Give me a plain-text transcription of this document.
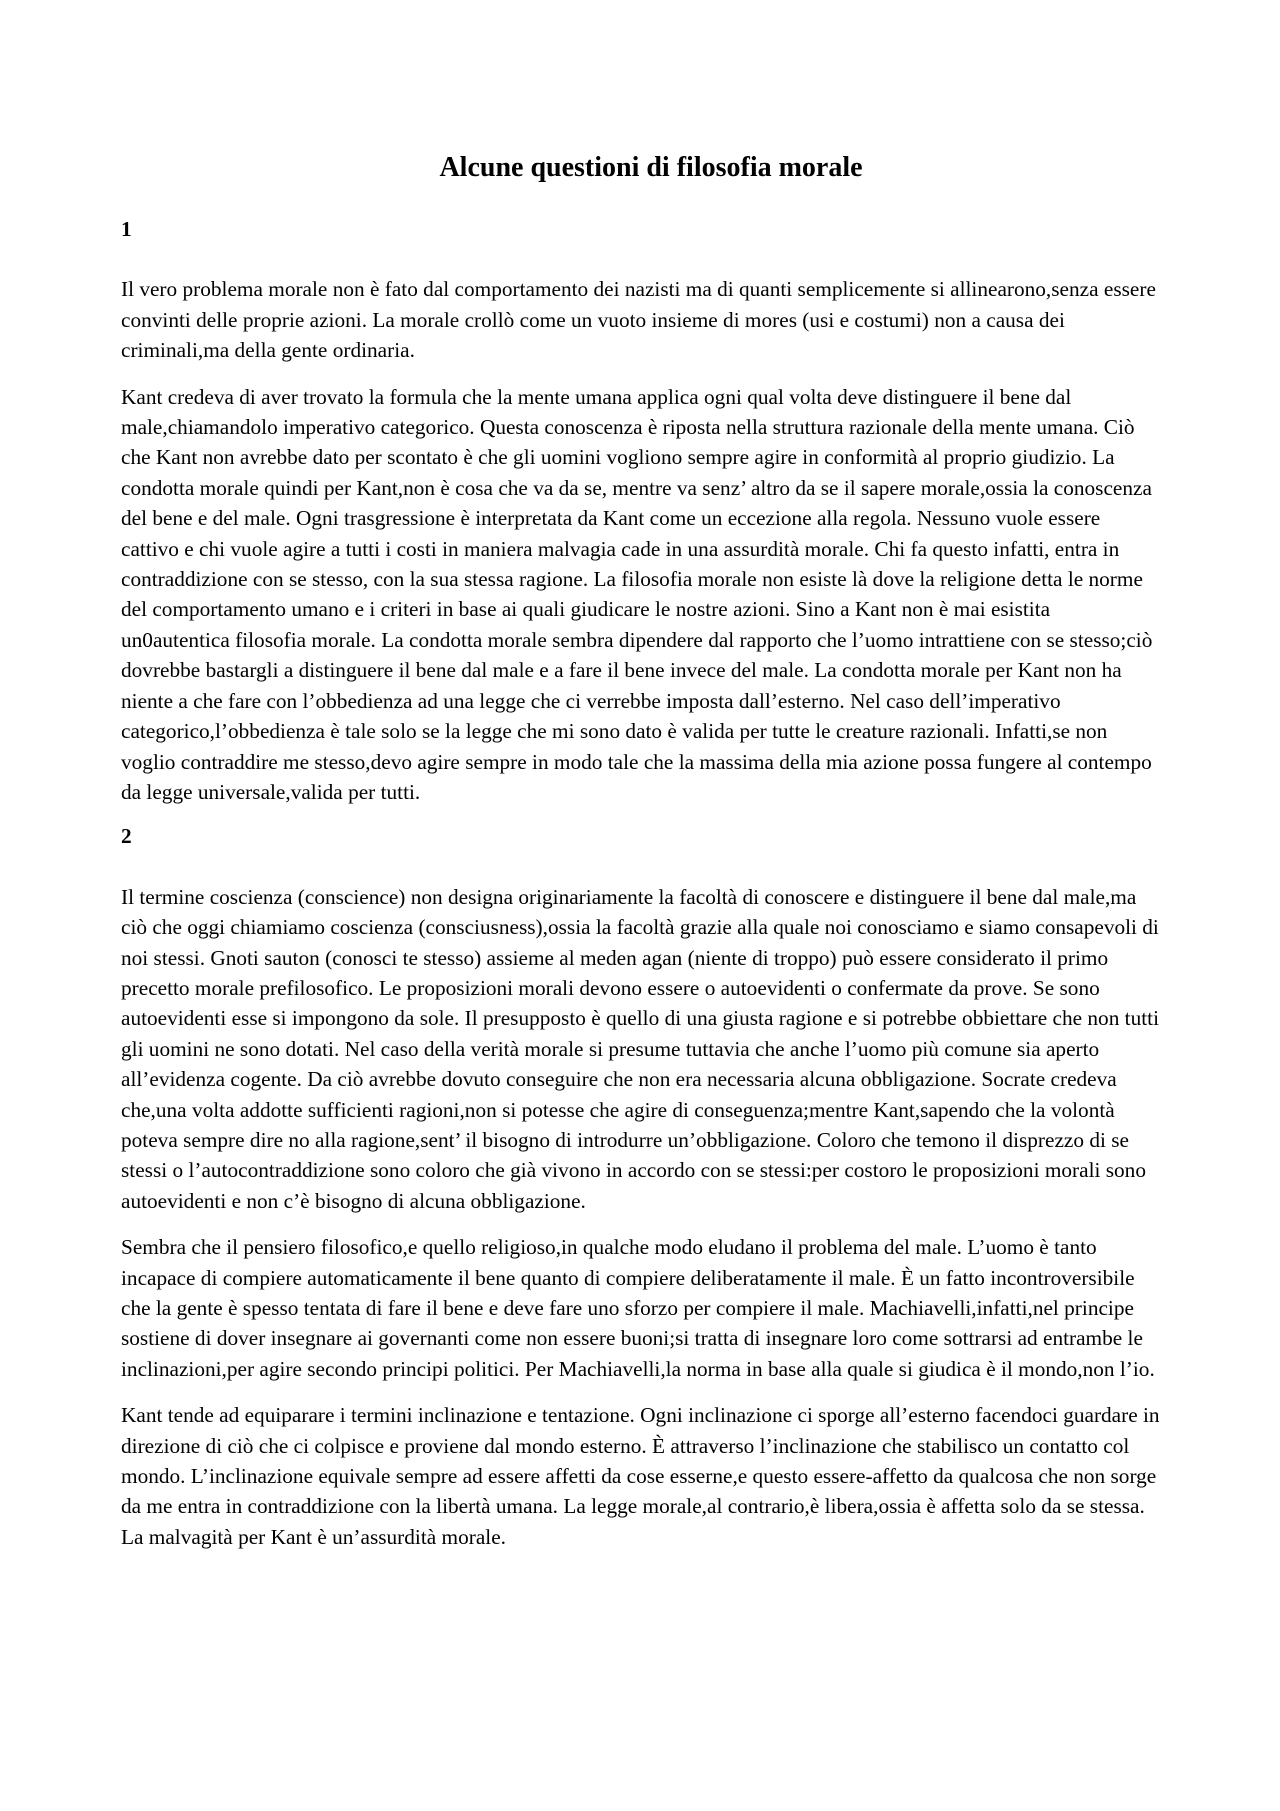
Alcune questioni di filosofia morale
1

Il vero problema morale non è fato dal comportamento dei nazisti ma di quanti semplicemente si allinearono,senza essere convinti delle proprie azioni. La morale crollò come un vuoto insieme di mores (usi e costumi) non a causa dei criminali,ma della gente ordinaria.

Kant credeva di aver trovato la formula che la mente umana applica ogni qual volta deve distinguere il bene dal male,chiamandolo imperativo categorico. Questa conoscenza è riposta nella struttura razionale della mente umana. Ciò che Kant non avrebbe dato per scontato è che gli uomini vogliono sempre agire in conformità al proprio giudizio. La condotta morale quindi per Kant,non è cosa che va da se, mentre va senz’ altro da se il sapere morale,ossia la conoscenza del bene e del male. Ogni trasgressione è interpretata da Kant come un eccezione alla regola. Nessuno vuole essere cattivo e chi vuole agire a tutti i costi in maniera malvagia cade in una assurdità morale. Chi fa questo infatti, entra in contraddizione con se stesso, con la sua stessa ragione. La filosofia morale non esiste là dove la religione detta le norme del comportamento umano e i criteri in base ai quali giudicare le nostre azioni. Sino a Kant non è mai esistita un0autentica filosofia morale. La condotta morale sembra dipendere dal rapporto che l’uomo intrattiene con se stesso;ciò dovrebbe bastargli a distinguere il bene dal male e a fare il bene invece del male. La condotta morale per Kant non ha niente a che fare con l’obbedienza ad una legge che ci verrebbe imposta dall’esterno. Nel caso dell’imperativo categorico,l’obbedienza è tale solo se la legge che mi sono dato è valida per tutte le creature razionali. Infatti,se non voglio contraddire me stesso,devo agire sempre in modo tale che la massima della mia azione possa fungere al contempo da legge universale,valida per tutti.

2

Il termine coscienza (conscience) non designa originariamente la facoltà di conoscere e distinguere il bene dal male,ma ciò che oggi chiamiamo coscienza (consciusness),ossia la facoltà grazie alla quale noi conosciamo e siamo consapevoli di noi stessi. Gnoti sauton (conosci te stesso) assieme al meden agan (niente di troppo) può essere considerato il primo precetto morale prefilosofico. Le proposizioni morali devono essere o autoevidenti o confermate da prove. Se sono autoevidenti esse si impongono da sole. Il presupposto è quello di una giusta ragione e si potrebbe obbiettare che non tutti gli uomini ne sono dotati. Nel caso della verità morale si presume tuttavia che anche l’uomo più comune sia aperto all’evidenza cogente. Da ciò avrebbe dovuto conseguire che non era necessaria alcuna obbligazione. Socrate credeva che,una volta addotte sufficienti ragioni,non si potesse che agire di conseguenza;mentre Kant,sapendo che la volontà poteva sempre dire no alla ragione,sent’ il bisogno di introdurre un’obbligazione. Coloro che temono il disprezzo di se stessi o l’autocontraddizione sono coloro che già vivono in accordo con se stessi:per costoro le proposizioni morali sono autoevidenti e non c’è bisogno di alcuna obbligazione.

Sembra che il pensiero filosofico,e quello religioso,in qualche modo eludano il problema del male. L’uomo è tanto incapace di compiere automaticamente il bene quanto di compiere deliberatamente il male. È un fatto incontroversibile che la gente è spesso tentata di fare il bene e deve fare uno sforzo per compiere il male. Machiavelli,infatti,nel principe sostiene di dover insegnare ai governanti come non essere buoni;si tratta di insegnare loro come sottrarsi ad entrambe le inclinazioni,per agire secondo principi politici. Per Machiavelli,la norma in base alla quale si giudica è il mondo,non l’io.

Kant tende ad equiparare i termini inclinazione e tentazione. Ogni inclinazione ci sporge all’esterno facendoci guardare in direzione di ciò che ci colpisce e proviene dal mondo esterno. È attraverso l’inclinazione che stabilisco un contatto col mondo. L’inclinazione equivale sempre ad essere affetti da cose esserne,e questo essere-affetto da qualcosa che non sorge da me entra in contraddizione con la libertà umana. La legge morale,al contrario,è libera,ossia è affetta solo da se stessa. La malvagità per Kant è un’assurdità morale.
